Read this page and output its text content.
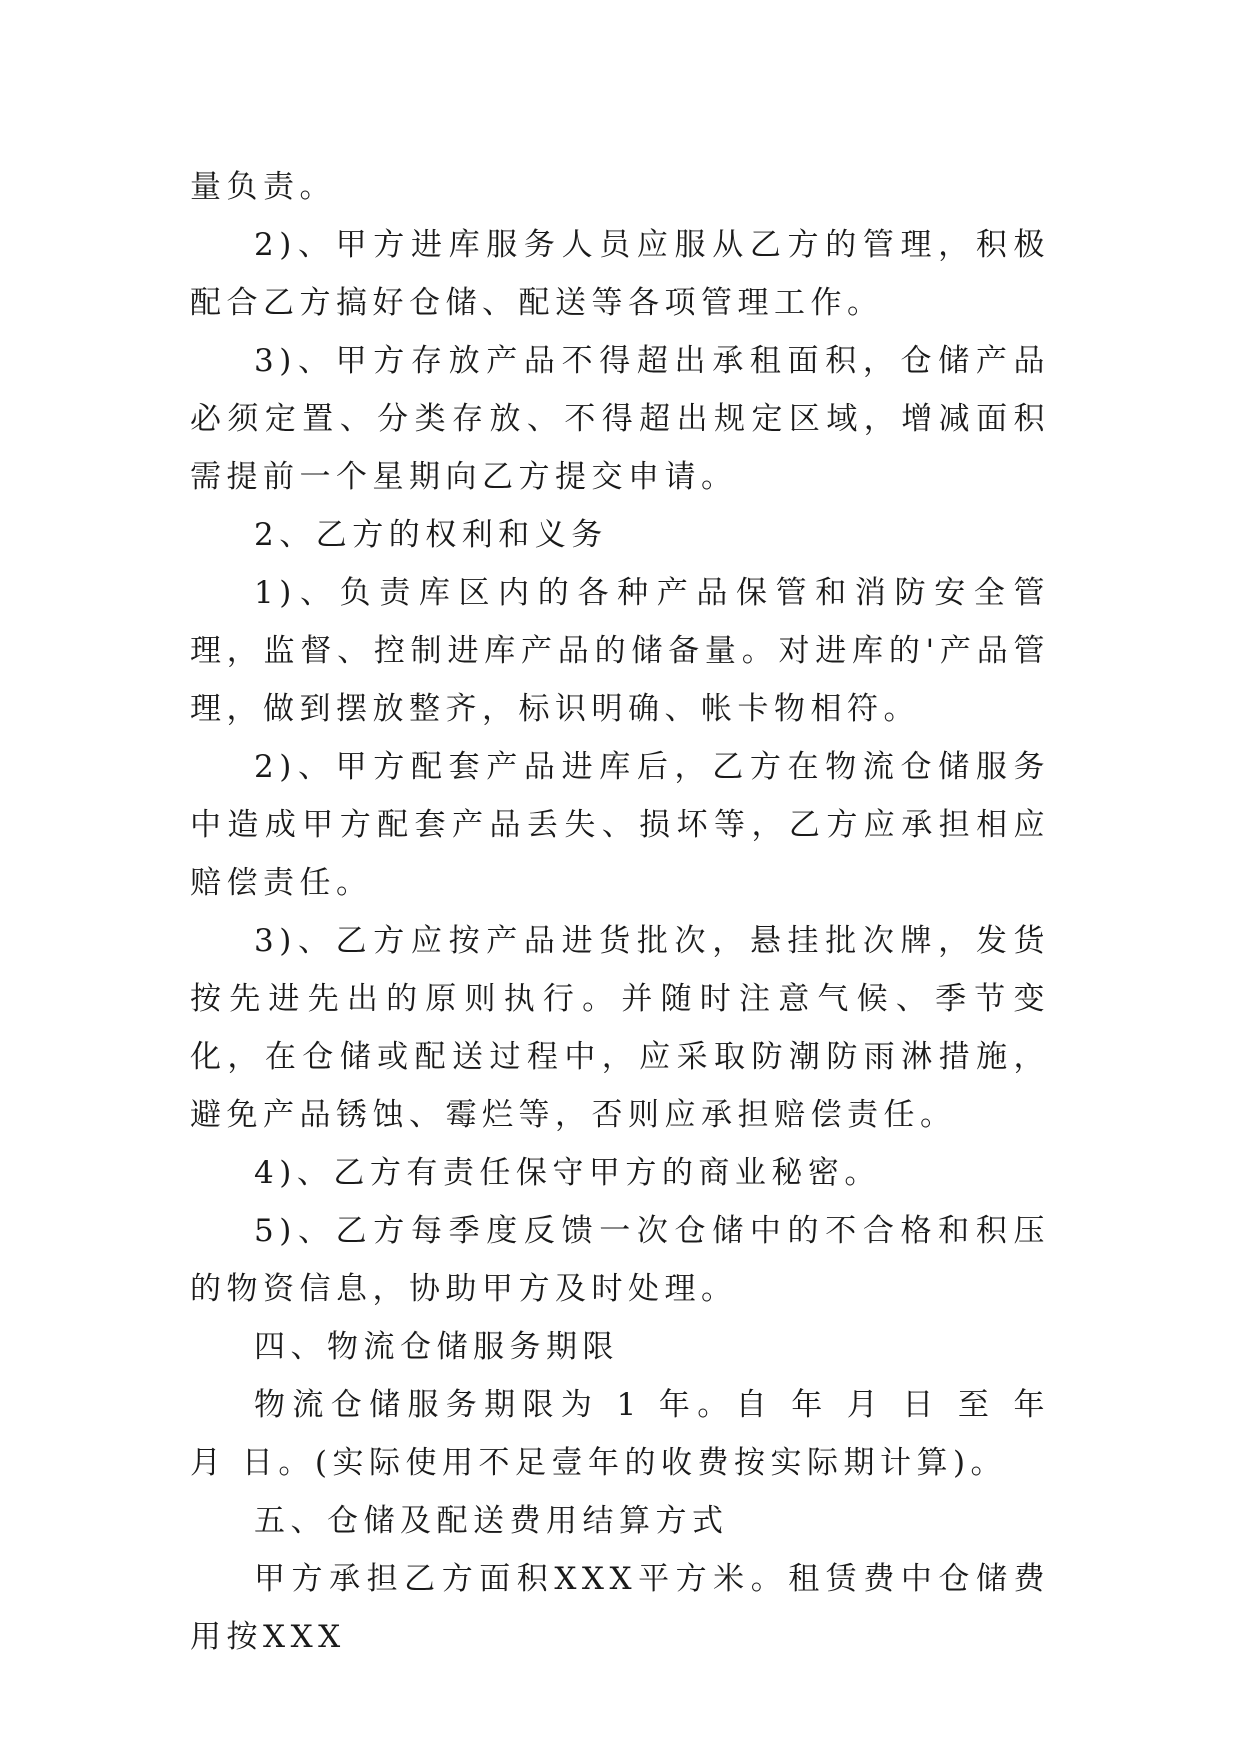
量负责。

2)、甲方进库服务人员应服从乙方的管理，积极配合乙方搞好仓储、配送等各项管理工作。

3)、甲方存放产品不得超出承租面积，仓储产品必须定置、分类存放、不得超出规定区域，增减面积需提前一个星期向乙方提交申请。

2、乙方的权利和义务

1)、负责库区内的各种产品保管和消防安全管理，监督、控制进库产品的储备量。对进库的'产品管理，做到摆放整齐，标识明确、帐卡物相符。

2)、甲方配套产品进库后，乙方在物流仓储服务中造成甲方配套产品丢失、损坏等，乙方应承担相应赔偿责任。

3)、乙方应按产品进货批次，悬挂批次牌，发货按先进先出的原则执行。并随时注意气候、季节变化，在仓储或配送过程中，应采取防潮防雨淋措施，避免产品锈蚀、霉烂等，否则应承担赔偿责任。

4)、乙方有责任保守甲方的商业秘密。

5)、乙方每季度反馈一次仓储中的不合格和积压的物资信息，协助甲方及时处理。

四、物流仓储服务期限

物流仓储服务期限为 1 年。自 年 月 日 至 年 月 日。(实际使用不足壹年的收费按实际期计算)。

五、仓储及配送费用结算方式

甲方承担乙方面积XXX平方米。租赁费中仓储费用按XXX
